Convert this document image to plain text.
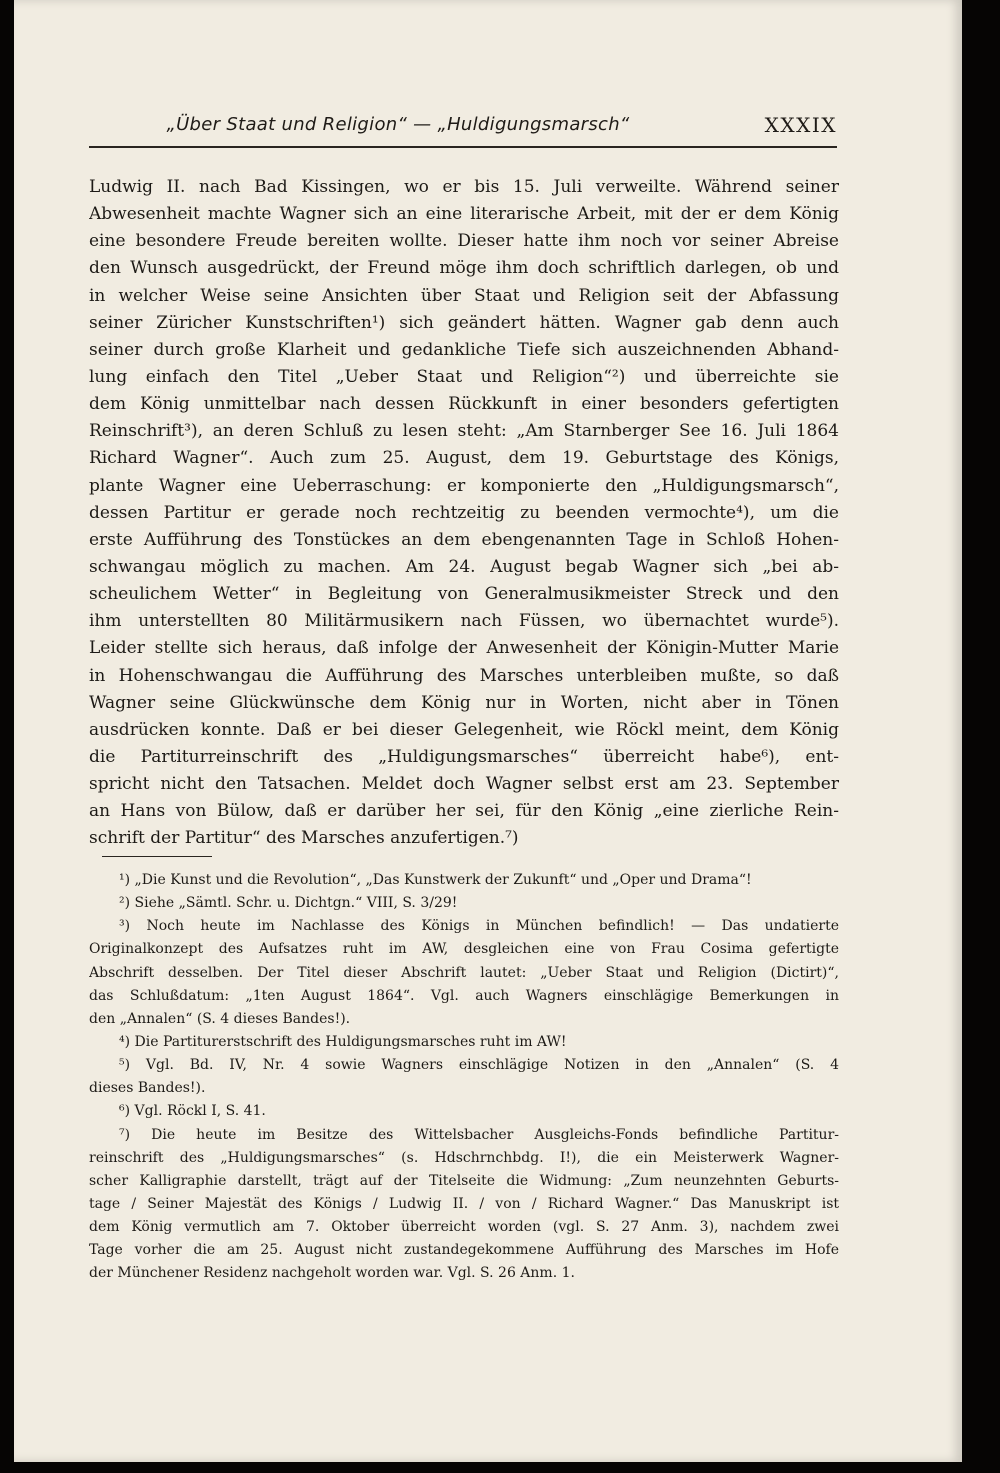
„Über Staat und Religion“ — „Huldigungsmarsch“	XXXIX
Ludwig II. nach Bad Kissingen, wo er bis 15. Juli verweilte. Während seiner
Abwesenheit machte Wagner sich an eine literarische Arbeit, mit der er dem König
eine besondere Freude bereiten wollte. Dieser hatte ihm noch vor seiner Abreise
den Wunsch ausgedrückt, der Freund möge ihm doch schriftlich darlegen, ob und
in welcher Weise seine Ansichten über Staat und Religion seit der Abfassung
seiner Züricher Kunstschriften¹) sich geändert hätten. Wagner gab denn auch
seiner durch große Klarheit und gedankliche Tiefe sich auszeichnenden Abhand-
lung einfach den Titel „Ueber Staat und Religion“²) und überreichte sie
dem König unmittelbar nach dessen Rückkunft in einer besonders gefertigten
Reinschrift³), an deren Schluß zu lesen steht: „Am Starnberger See 16. Juli 1864
Richard Wagner“. Auch zum 25. August, dem 19. Geburtstage des Königs,
plante Wagner eine Ueberraschung: er komponierte den „Huldigungsmarsch“,
dessen Partitur er gerade noch rechtzeitig zu beenden vermochte⁴), um die
erste Aufführung des Tonstückes an dem ebengenannten Tage in Schloß Hohen-
schwangau möglich zu machen. Am 24. August begab Wagner sich „bei ab-
scheulichem Wetter“ in Begleitung von Generalmusikmeister Streck und den
ihm unterstellten 80 Militärmusikern nach Füssen, wo übernachtet wurde⁵).
Leider stellte sich heraus, daß infolge der Anwesenheit der Königin-Mutter Marie
in Hohenschwangau die Aufführung des Marsches unterbleiben mußte, so daß
Wagner seine Glückwünsche dem König nur in Worten, nicht aber in Tönen
ausdrücken konnte. Daß er bei dieser Gelegenheit, wie Röckl meint, dem König
die Partiturreinschrift des „Huldigungsmarsches“ überreicht habe⁶), ent-
spricht nicht den Tatsachen. Meldet doch Wagner selbst erst am 23. September
an Hans von Bülow, daß er darüber her sei, für den König „eine zierliche Rein-
schrift der Partitur“ des Marsches anzufertigen.⁷)
¹) „Die Kunst und die Revolution“, „Das Kunstwerk der Zukunft“ und „Oper und Drama“!
²) Siehe „Sämtl. Schr. u. Dichtgn.“ VIII, S. 3/29!
³) Noch heute im Nachlasse des Königs in München befindlich! — Das undatierte
Originalkonzept des Aufsatzes ruht im AW, desgleichen eine von Frau Cosima gefertigte
Abschrift desselben. Der Titel dieser Abschrift lautet: „Ueber Staat und Religion (Dictirt)“,
das Schlußdatum: „1ten August 1864“. Vgl. auch Wagners einschlägige Bemerkungen in
den „Annalen“ (S. 4 dieses Bandes!).
⁴) Die Partiturerstschrift des Huldigungsmarsches ruht im AW!
⁵) Vgl. Bd. IV, Nr. 4 sowie Wagners einschlägige Notizen in den „Annalen“ (S. 4
dieses Bandes!).
⁶) Vgl. Röckl I, S. 41.
⁷) Die heute im Besitze des Wittelsbacher Ausgleichs-Fonds befindliche Partitur-
reinschrift des „Huldigungsmarsches“ (s. Hdschrnchbdg. I!), die ein Meisterwerk Wagner-
scher Kalligraphie darstellt, trägt auf der Titelseite die Widmung: „Zum neunzehnten Geburts-
tage / Seiner Majestät des Königs / Ludwig II. / von / Richard Wagner.“ Das Manuskript ist
dem König vermutlich am 7. Oktober überreicht worden (vgl. S. 27 Anm. 3), nachdem zwei
Tage vorher die am 25. August nicht zustandegekommene Aufführung des Marsches im Hofe
der Münchener Residenz nachgeholt worden war. Vgl. S. 26 Anm. 1.
